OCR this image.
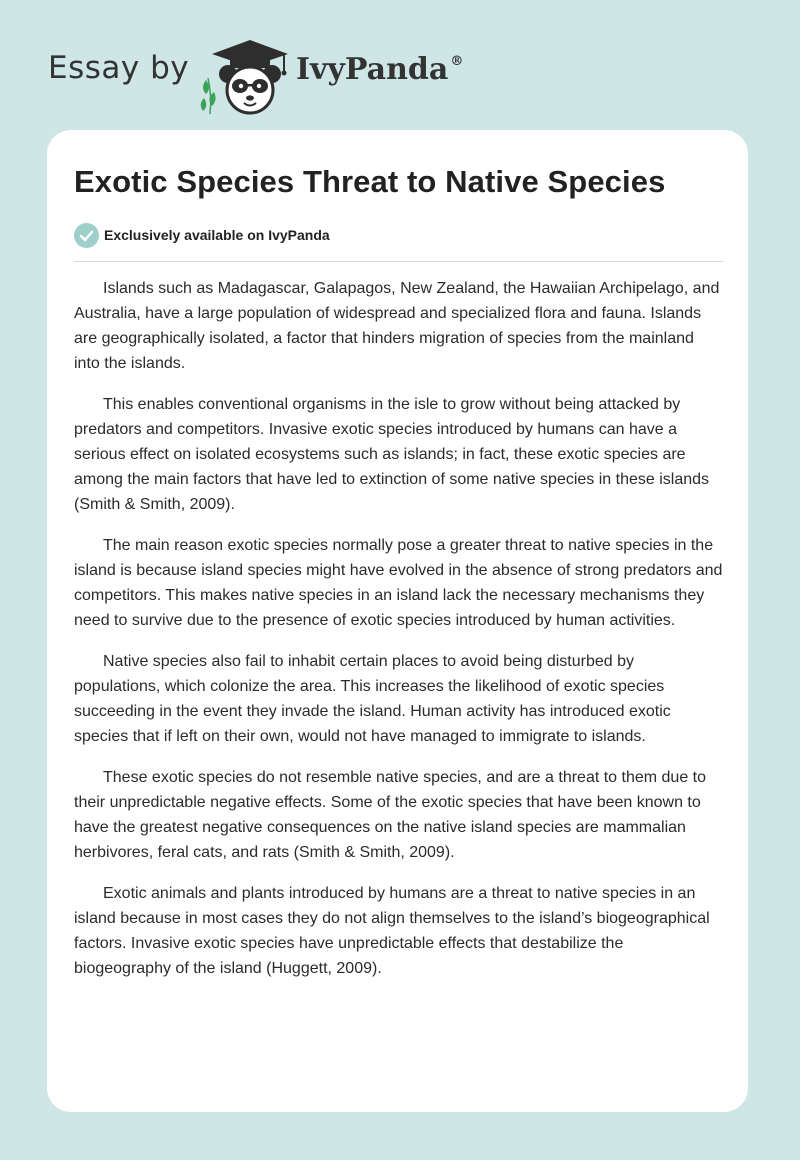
Essay by	IvyPanda ®
Exotic Species Threat to Native Species
Exclusively available on IvyPanda

Islands such as Madagascar, Galapagos, New Zealand, the Hawaiian Archipelago, and Australia, have a large population of widespread and specialized flora and fauna. Islands are geographically isolated, a factor that hinders migration of species from the mainland into the islands.

This enables conventional organisms in the isle to grow without being attacked by predators and competitors. Invasive exotic species introduced by humans can have a serious effect on isolated ecosystems such as islands; in fact, these exotic species are among the main factors that have led to extinction of some native species in these islands (Smith & Smith, 2009).

The main reason exotic species normally pose a greater threat to native species in the island is because island species might have evolved in the absence of strong predators and competitors. This makes native species in an island lack the necessary mechanisms they need to survive due to the presence of exotic species introduced by human activities.

Native species also fail to inhabit certain places to avoid being disturbed by populations, which colonize the area. This increases the likelihood of exotic species succeeding in the event they invade the island. Human activity has introduced exotic species that if left on their own, would not have managed to immigrate to islands.

These exotic species do not resemble native species, and are a threat to them due to their unpredictable negative effects. Some of the exotic species that have been known to have the greatest negative consequences on the native island species are mammalian herbivores, feral cats, and rats (Smith & Smith, 2009).

Exotic animals and plants introduced by humans are a threat to native species in an island because in most cases they do not align themselves to the island’s biogeographical factors. Invasive exotic species have unpredictable effects that destabilize the biogeography of the island (Huggett, 2009).
